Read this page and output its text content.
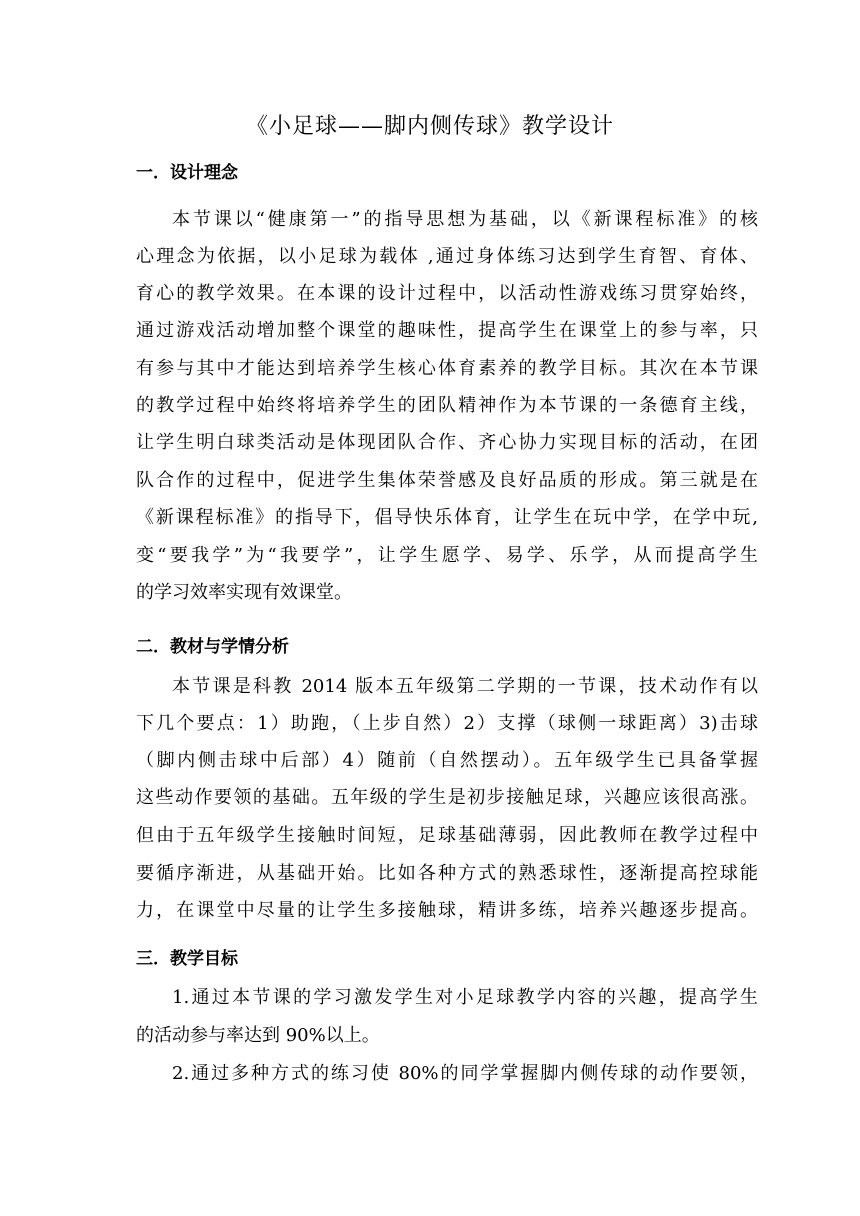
《小足球——脚内侧传球》教学设计
一．设计理念

本节课以“健康第一”的指导思想为基础，以《新课程标准》的核

心理念为依据，以小足球为载体 ,通过身体练习达到学生育智、育体、

育心的教学效果。在本课的设计过程中，以活动性游戏练习贯穿始终，

通过游戏活动增加整个课堂的趣味性，提高学生在课堂上的参与率，只

有参与其中才能达到培养学生核心体育素养的教学目标。其次在本节课

的教学过程中始终将培养学生的团队精神作为本节课的一条德育主线，

让学生明白球类活动是体现团队合作、齐心协力实现目标的活动，在团

队合作的过程中，促进学生集体荣誉感及良好品质的形成。第三就是在

《新课程标准》的指导下，倡导快乐体育，让学生在玩中学，在学中玩,

变“要我学”为“我要学”，让学生愿学、易学、乐学，从而提高学生

的学习效率实现有效课堂。

二．教材与学情分析

本节课是科教 2014 版本五年级第二学期的一节课，技术动作有以

下几个要点：1）助跑，（上步自然）2）支撑（球侧一球距离）3)击球

（脚内侧击球中后部）4）随前（自然摆动）。五年级学生已具备掌握

这些动作要领的基础。五年级的学生是初步接触足球，兴趣应该很高涨。

但由于五年级学生接触时间短，足球基础薄弱，因此教师在教学过程中

要循序渐进，从基础开始。比如各种方式的熟悉球性，逐渐提高控球能

力，在课堂中尽量的让学生多接触球，精讲多练，培养兴趣逐步提高。

三．教学目标

1.通过本节课的学习激发学生对小足球教学内容的兴趣，提高学生

的活动参与率达到 90%以上。

2.通过多种方式的练习使 80%的同学掌握脚内侧传球的动作要领，
